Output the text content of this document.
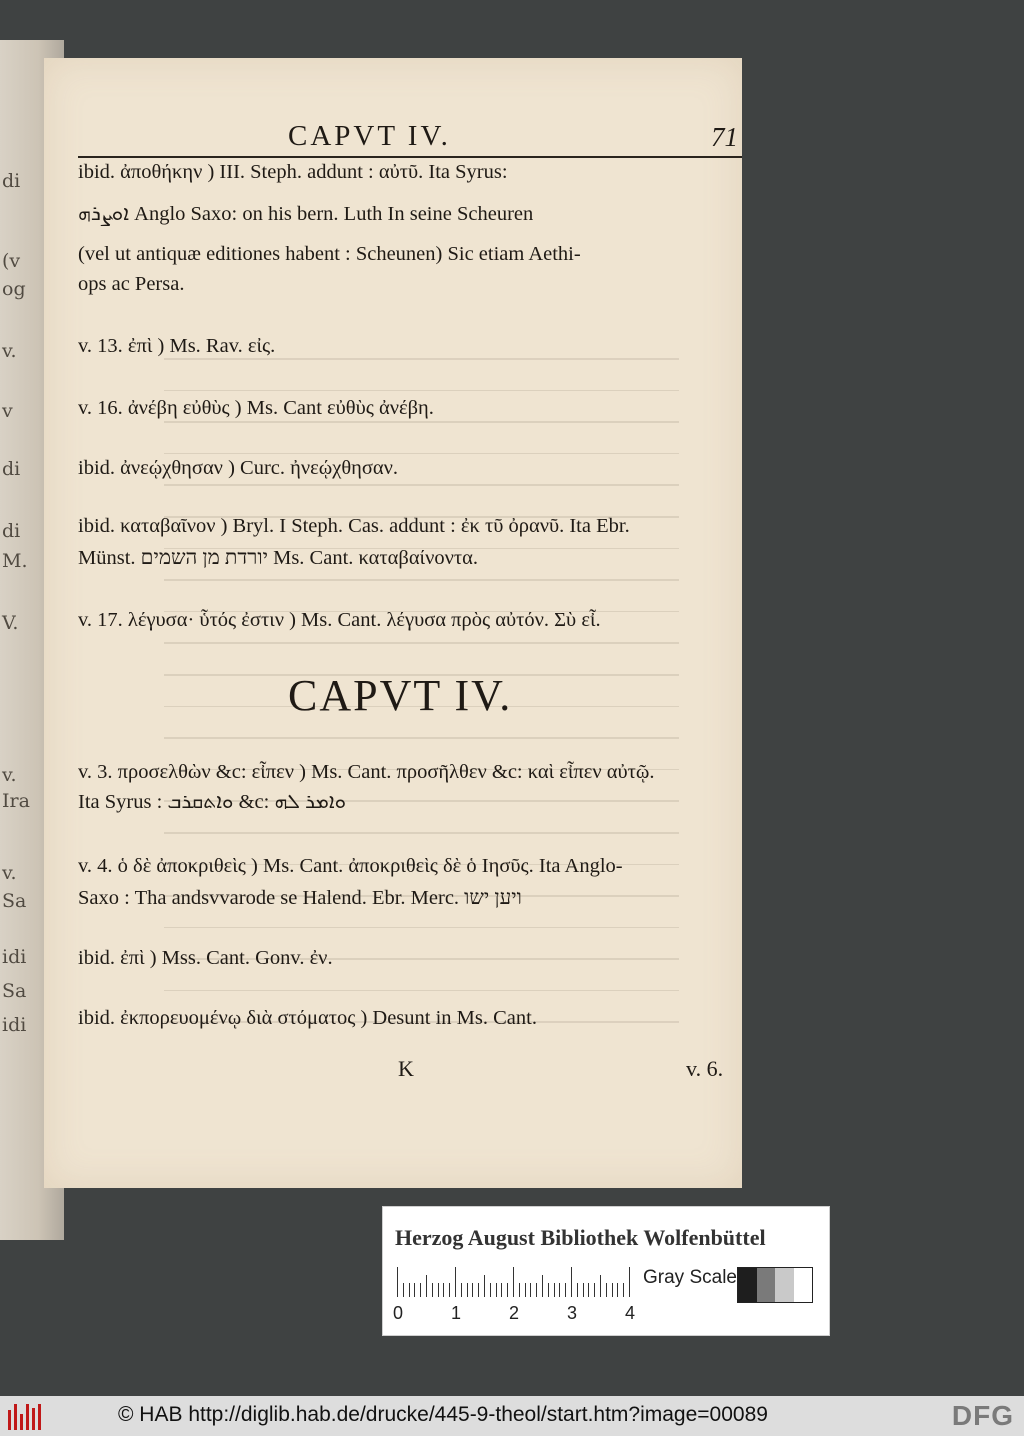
di
(v
og
v.
v
di
di
M.
V.
v.
Ira
v.
Sa
idi
Sa
idi
CAPVT IV.	71
ibid. ἀποθήκην ) III. Steph. addunt : αὐτῦ. Ita Syrus:
ܐܘܨܪܗ Anglo Saxo: on his bern. Luth In seine Scheuren
(vel ut antiquæ editiones habent : Scheunen) Sic etiam Aethi-
ops ac Persa.
v. 13. ἐπὶ ) Ms. Rav. εἰς.
v. 16. ἀνέβη εὐθὺς ) Ms. Cant εὐθὺς ἀνέβη.
ibid. ἀνεῴχθησαν ) Curc. ἠνεῴχθησαν.
ibid. καταβαῖνον ) Bryl. I Steph. Cas. addunt : ἐκ τῦ ὀρανῦ. Ita Ebr.
Münst. יורדת מן השמים Ms. Cant. καταβαίνοντα.
v. 17. λέγυσα· ὗτός ἐστιν ) Ms. Cant. λέγυσα πρὸς αὐτόν. Σὺ εἶ.
CAPVT IV.
v. 3. προσελθὼν &c: εἶπεν ) Ms. Cant. προσῆλθεν &c: καὶ εἶπεν αὐτῷ.
Ita Syrus : ܘܐܬܩܪܒ &c: ܘܐܡܪ ܠܗ
v. 4. ὁ δὲ ἀποκριθεὶς ) Ms. Cant. ἀποκριθεὶς δὲ ὁ Ιησῦς. Ita Anglo-
Saxo : Tha andsvvarode se Halend. Ebr. Merc. ויען ישו
ibid. ἐπὶ ) Mss. Cant. Gonv. ἐν.
ibid. ἐκπορευομένῳ διὰ στόματος ) Desunt in Ms. Cant.
K	v. 6.
Herzog August Bibliothek Wolfenbüttel
0	1	2	3	4
Gray Scale
© HAB http://diglib.hab.de/drucke/445-9-theol/start.htm?image=00089	DFG
